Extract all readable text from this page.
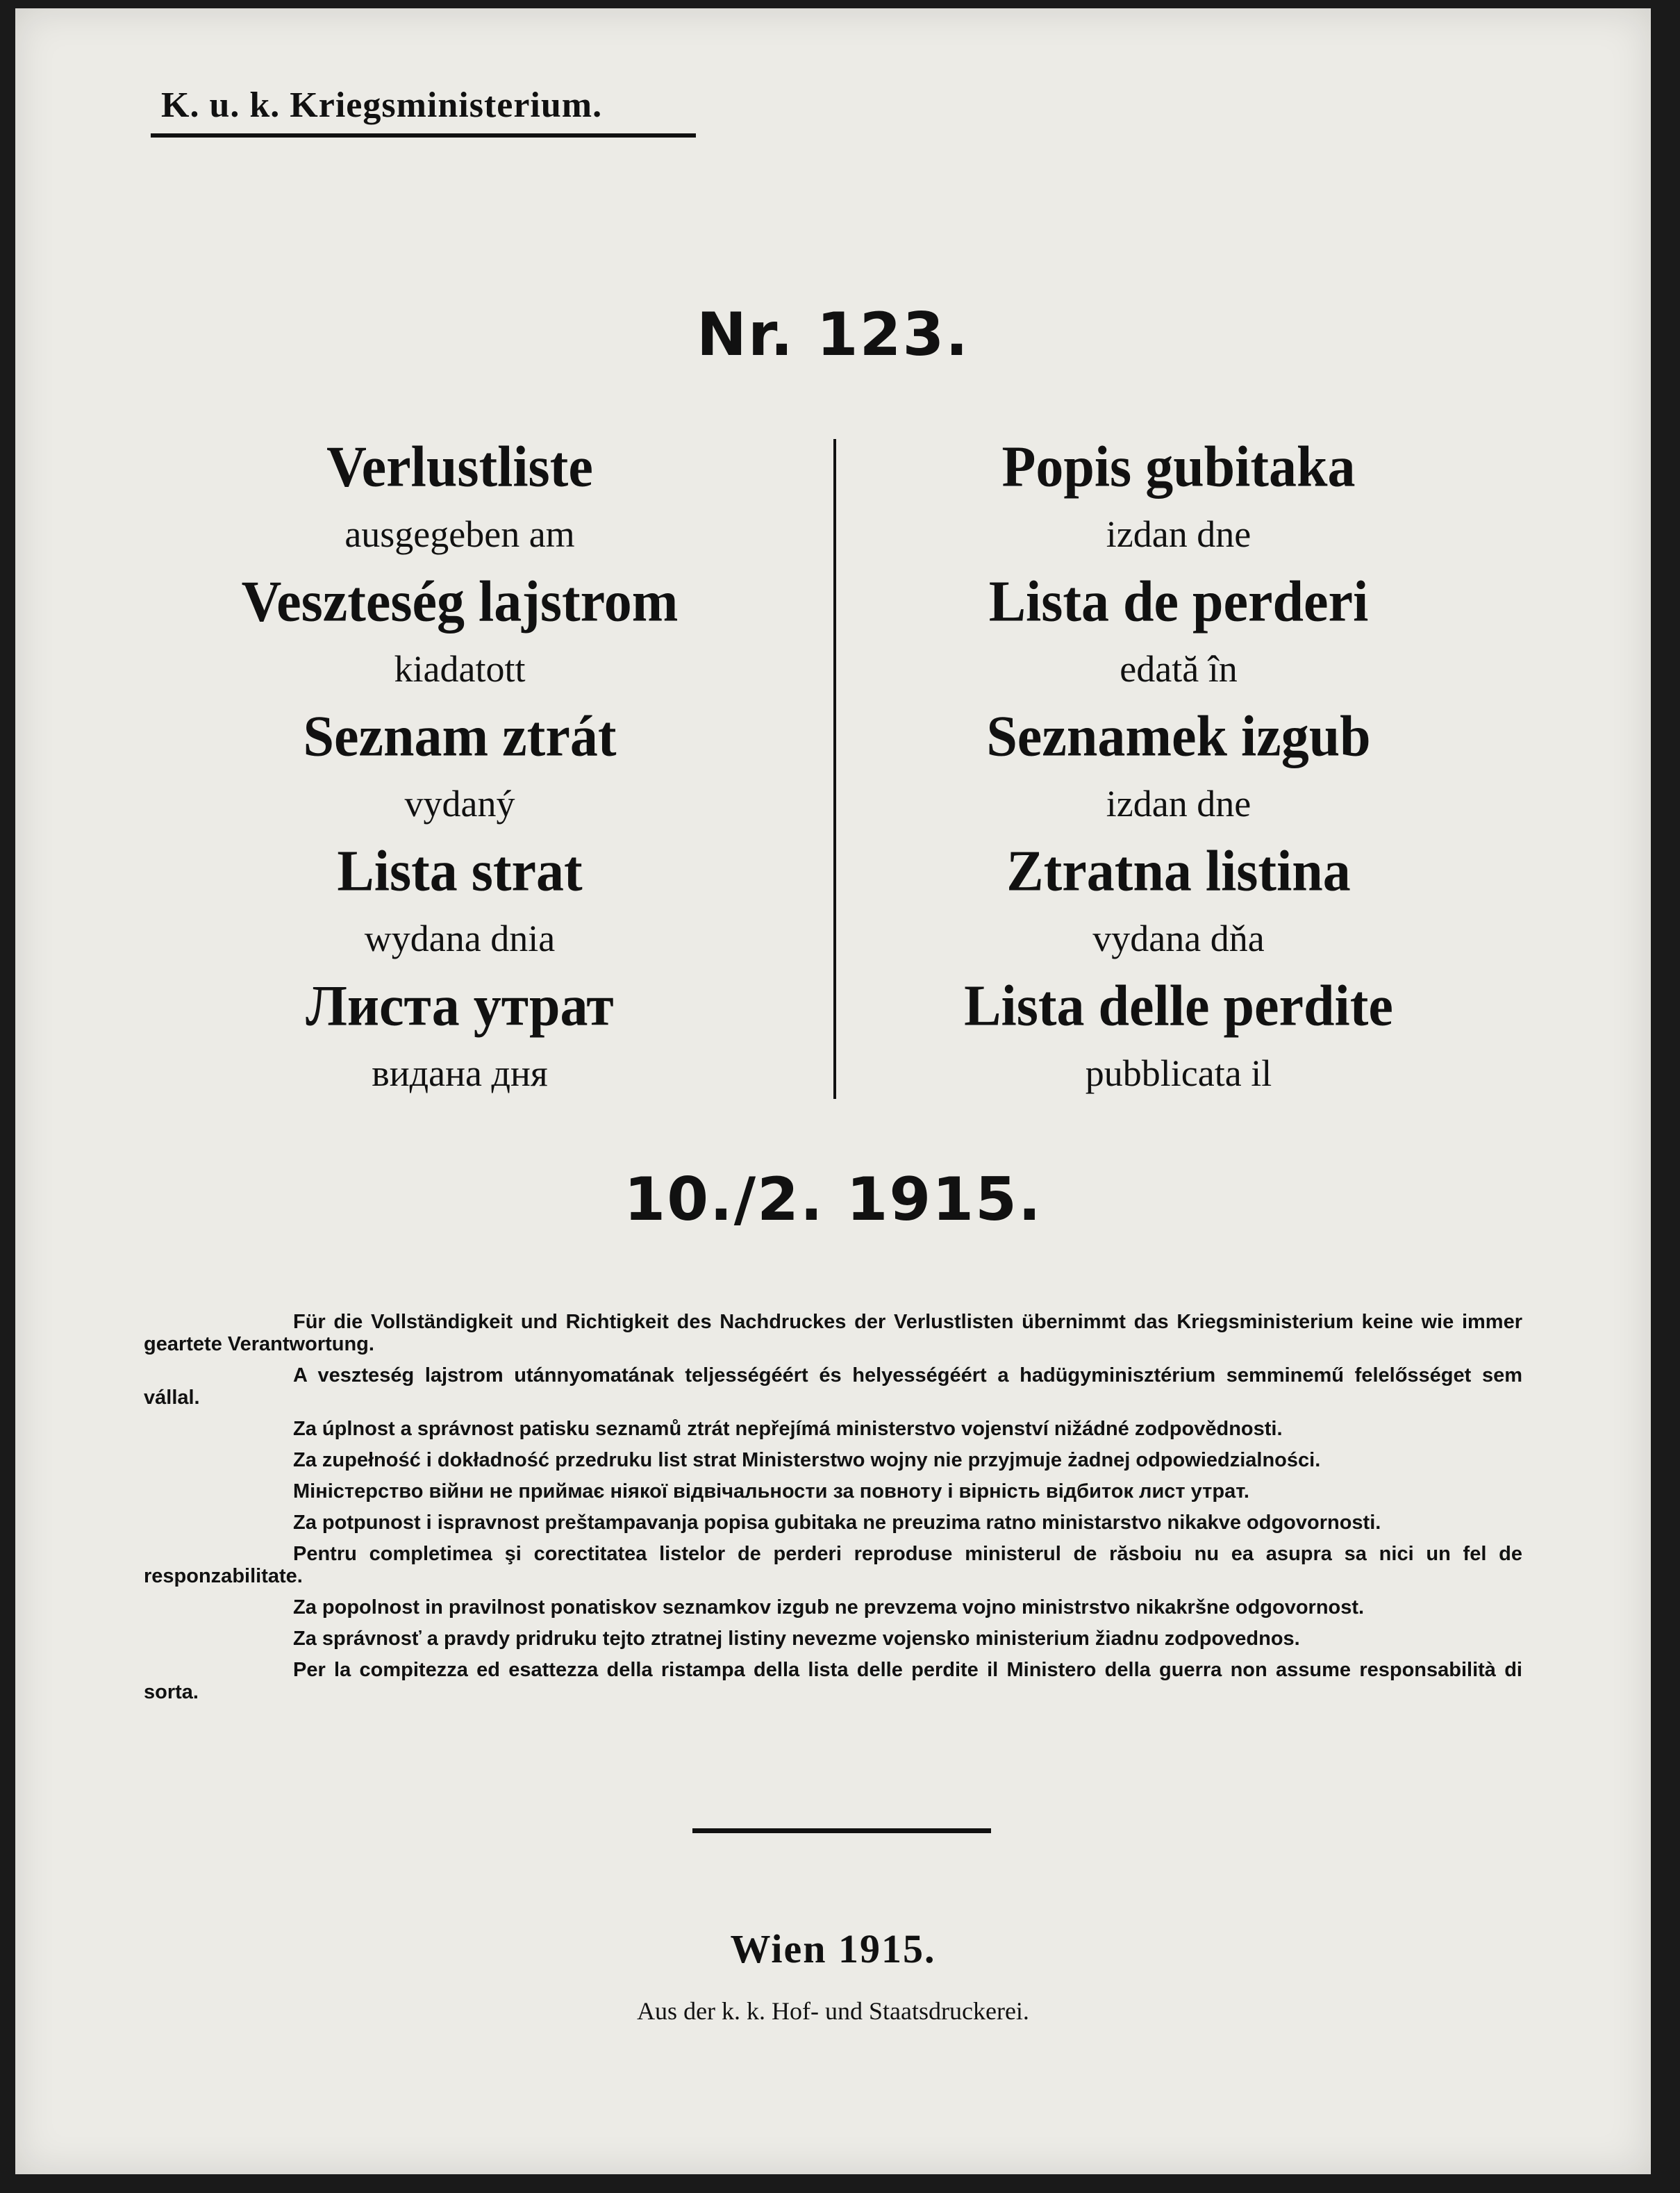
K. u. k. Kriegsministerium.
Nr. 123.
Verlustliste
ausgegeben am
Veszteség lajstrom
kiadatott
Seznam ztrát
vydaný
Lista strat
wydana dnia
Листа утрат
видана дня
Popis gubitaka
izdan dne
Lista de perderi
edată în
Seznamek izgub
izdan dne
Ztratna listina
vydana dňa
Lista delle perdite
pubblicata il
10./2. 1915.

Für die Vollständigkeit und Richtigkeit des Nachdruckes der Verlustlisten übernimmt das Kriegsministerium keine wie immer geartete Verantwortung.

A veszteség lajstrom utánnyomatának teljességéért és helyességéért a hadügyminisztérium semminemű felelősséget sem vállal.

Za úplnost a správnost patisku seznamů ztrát nepřejímá ministerstvo vojenství nižádné zodpovědnosti.

Za zupełność i dokładność przedruku list strat Ministerstwo wojny nie przyjmuje żadnej odpowiedzialności.

Міністерство війни не приймає ніякої відвічальности за повноту і вірність відбиток лист утрат.

Za potpunost i ispravnost preštampavanja popisa gubitaka ne preuzima ratno ministarstvo nikakve odgovornosti.

Pentru completimea şi corectitatea listelor de perderi reproduse ministerul de răsboiu nu ea asupra sa nici un fel de responzabilitate.

Za popolnost in pravilnost ponatiskov seznamkov izgub ne prevzema vojno ministrstvo nikakršne odgovornost.

Za správnosť a pravdy pridruku tejto ztratnej listiny nevezme vojensko ministerium žiadnu zodpovednos.

Per la compitezza ed esattezza della ristampa della lista delle perdite il Ministero della guerra non assume responsabilità di sorta.

Wien 1915.
Aus der k. k. Hof- und Staatsdruckerei.
